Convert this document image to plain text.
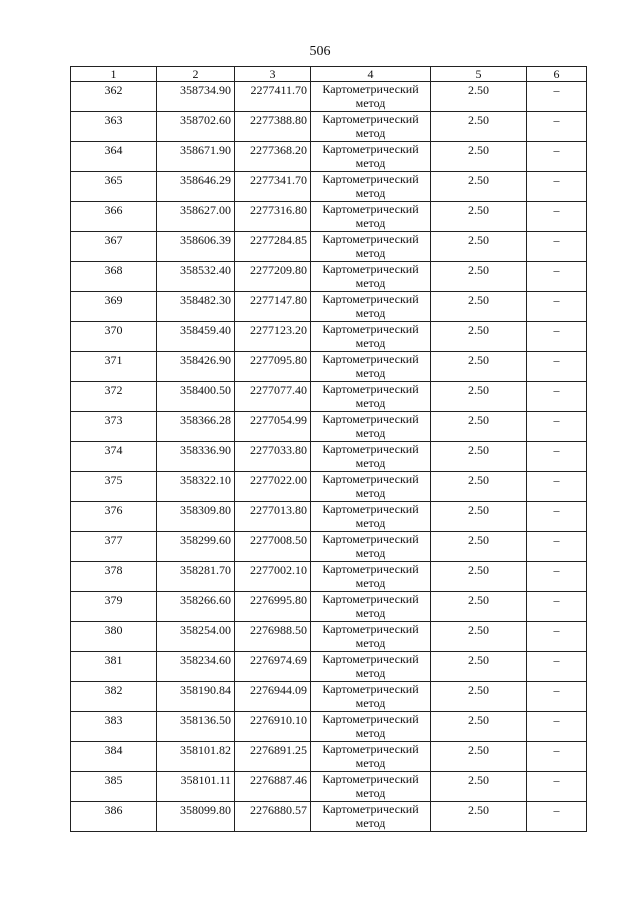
506
1	2	3	4	5	6

362	358734.90	2277411.70	Картометрический
метод	2.50	–

363	358702.60	2277388.80	Картометрический
метод	2.50	–

364	358671.90	2277368.20	Картометрический
метод	2.50	–

365	358646.29	2277341.70	Картометрический
метод	2.50	–

366	358627.00	2277316.80	Картометрический
метод	2.50	–

367	358606.39	2277284.85	Картометрический
метод	2.50	–

368	358532.40	2277209.80	Картометрический
метод	2.50	–

369	358482.30	2277147.80	Картометрический
метод	2.50	–

370	358459.40	2277123.20	Картометрический
метод	2.50	–

371	358426.90	2277095.80	Картометрический
метод	2.50	–

372	358400.50	2277077.40	Картометрический
метод	2.50	–

373	358366.28	2277054.99	Картометрический
метод	2.50	–

374	358336.90	2277033.80	Картометрический
метод	2.50	–

375	358322.10	2277022.00	Картометрический
метод	2.50	–

376	358309.80	2277013.80	Картометрический
метод	2.50	–

377	358299.60	2277008.50	Картометрический
метод	2.50	–

378	358281.70	2277002.10	Картометрический
метод	2.50	–

379	358266.60	2276995.80	Картометрический
метод	2.50	–

380	358254.00	2276988.50	Картометрический
метод	2.50	–

381	358234.60	2276974.69	Картометрический
метод	2.50	–

382	358190.84	2276944.09	Картометрический
метод	2.50	–

383	358136.50	2276910.10	Картометрический
метод	2.50	–

384	358101.82	2276891.25	Картометрический
метод	2.50	–

385	358101.11	2276887.46	Картометрический
метод	2.50	–

386	358099.80	2276880.57	Картометрический
метод	2.50	–
